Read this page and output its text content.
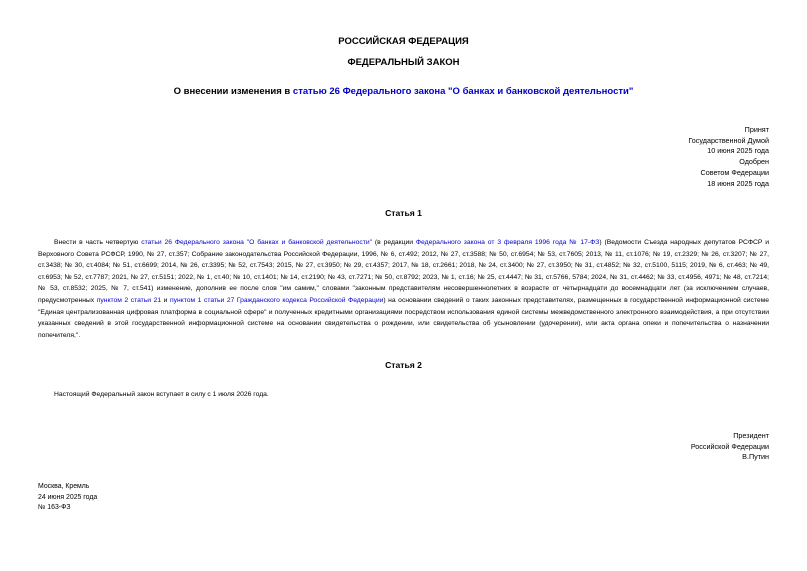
РОССИЙСКАЯ ФЕДЕРАЦИЯ
ФЕДЕРАЛЬНЫЙ ЗАКОН
О внесении изменения в статью 26 Федерального закона "О банках и банковской деятельности"
Принят
Государственной Думой
10 июня 2025 года
Одобрен
Советом Федерации
18 июня 2025 года
Статья 1

Внести в часть четвертую статьи 26 Федерального закона "О банках и банковской деятельности" (в редакции Федерального закона от 3 февраля 1996 года № 17-ФЗ) (Ведомости Съезда народных депутатов РСФСР и Верховного Совета РСФСР, 1990, № 27, ст.357; Собрание законодательства Российской Федерации, 1996, № 6, ст.492; 2012, № 27, ст.3588; № 50, ст.6954; № 53, ст.7605; 2013, № 11, ст.1076; № 19, ст.2329; № 26, ст.3207; № 27, ст.3438; № 30, ст.4084; № 51, ст.6699; 2014, № 26, ст.3395; № 52, ст.7543; 2015, № 27, ст.3950; № 29, ст.4357; 2017, № 18, ст.2661; 2018, № 24, ст.3400; № 27, ст.3950; № 31, ст.4852; № 32, ст.5100, 5115; 2019, № 6, ст.463; № 49, ст.6953; № 52, ст.7787; 2021, № 27, ст.5151; 2022, № 1, ст.40; № 10, ст.1401; № 14, ст.2190; № 43, ст.7271; № 50, ст.8792; 2023, № 1, ст.16; № 25, ст.4447; № 31, ст.5766, 5784; 2024, № 31, ст.4462; № 33, ст.4956, 4971; № 48, ст.7214; № 53, ст.8532; 2025, № 7, ст.541) изменение, дополнив ее после слов "им самим," словами "законным представителям несовершеннолетних в возрасте от четырнадцати до восемнадцати лет (за исключением случаев, предусмотренных пунктом 2 статьи 21 и пунктом 1 статьи 27 Гражданского кодекса Российской Федерации) на основании сведений о таких законных представителях, размещенных в государственной информационной системе "Единая централизованная цифровая платформа в социальной сфере" и полученных кредитными организациями посредством использования единой системы межведомственного электронного взаимодействия, а при отсутствии указанных сведений в этой государственной информационной системе на основании свидетельства о рождении, или свидетельства об усыновлении (удочерении), или акта органа опеки и попечительства о назначении попечителя,".

Статья 2

Настоящий Федеральный закон вступает в силу с 1 июля 2026 года.

Президент
Российской Федерации
В.Путин
Москва, Кремль
24 июня 2025 года
№ 163-ФЗ
